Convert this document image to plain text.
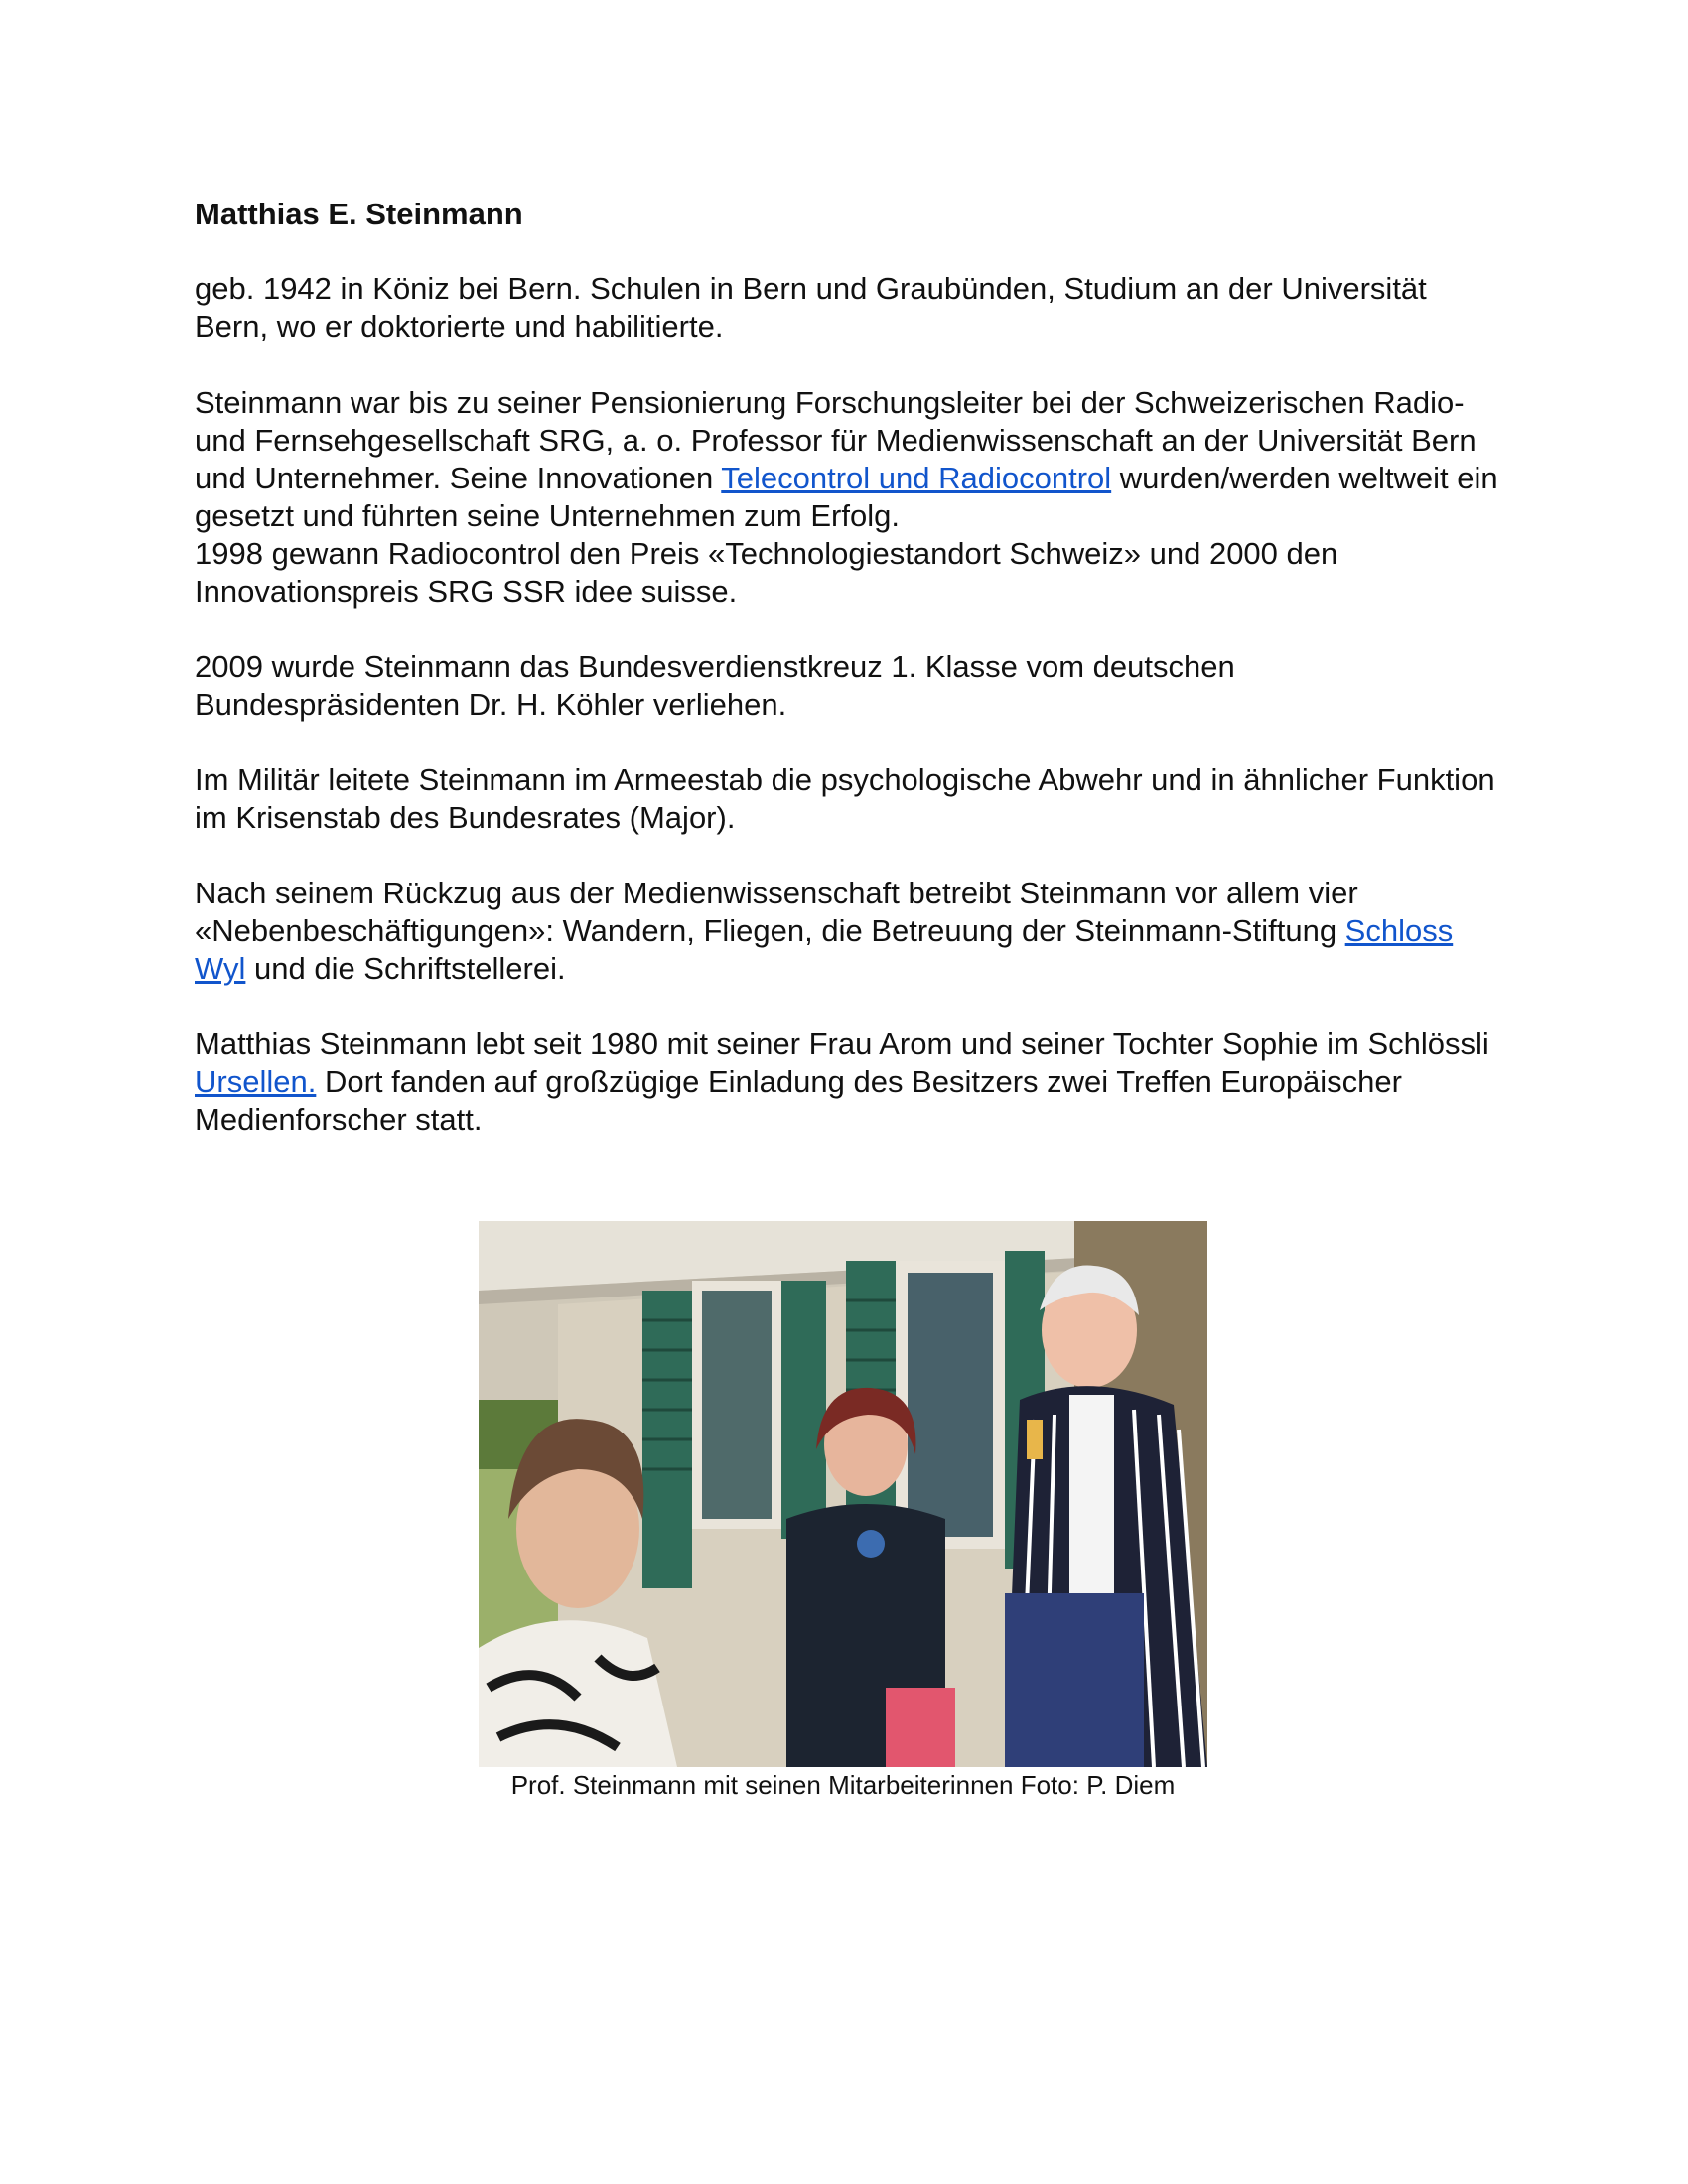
Matthias E. Steinmann

geb. 1942 in Köniz bei Bern. Schulen in Bern und Graubünden, Studium an der Universität Bern, wo er doktorierte und habilitierte.

Steinmann war bis zu seiner Pensionierung Forschungsleiter bei der Schweizerischen Radio- und Fernsehgesellschaft SRG, a. o. Professor für Medienwissenschaft an der Universität Bern und Unternehmer. Seine Innovationen Telecontrol und Radiocontrol wurden/werden weltweit ein gesetzt und führten seine Unternehmen zum Erfolg.
1998 gewann Radiocontrol den Preis «Technologiestandort Schweiz» und 2000 den Innovationspreis SRG SSR idee suisse.

2009 wurde Steinmann das Bundesverdienstkreuz 1. Klasse vom deutschen Bundespräsidenten Dr. H. Köhler verliehen.

Im Militär leitete Steinmann im Armeestab die psychologische Abwehr und in ähnlicher Funktion im Krisenstab des Bundesrates (Major).

Nach seinem Rückzug aus der Medienwissenschaft betreibt Steinmann vor allem vier «Nebenbeschäftigungen»: Wandern, Fliegen, die Betreuung der Steinmann-Stiftung Schloss Wyl und die Schriftstellerei.

Matthias Steinmann lebt seit 1980 mit seiner Frau Arom und seiner Tochter Sophie im Schlössli Ursellen. Dort fanden auf großzügige Einladung des Besitzers zwei Treffen Europäischer Medienforscher statt.

Prof. Steinmann mit seinen Mitarbeiterinnen Foto: P. Diem
